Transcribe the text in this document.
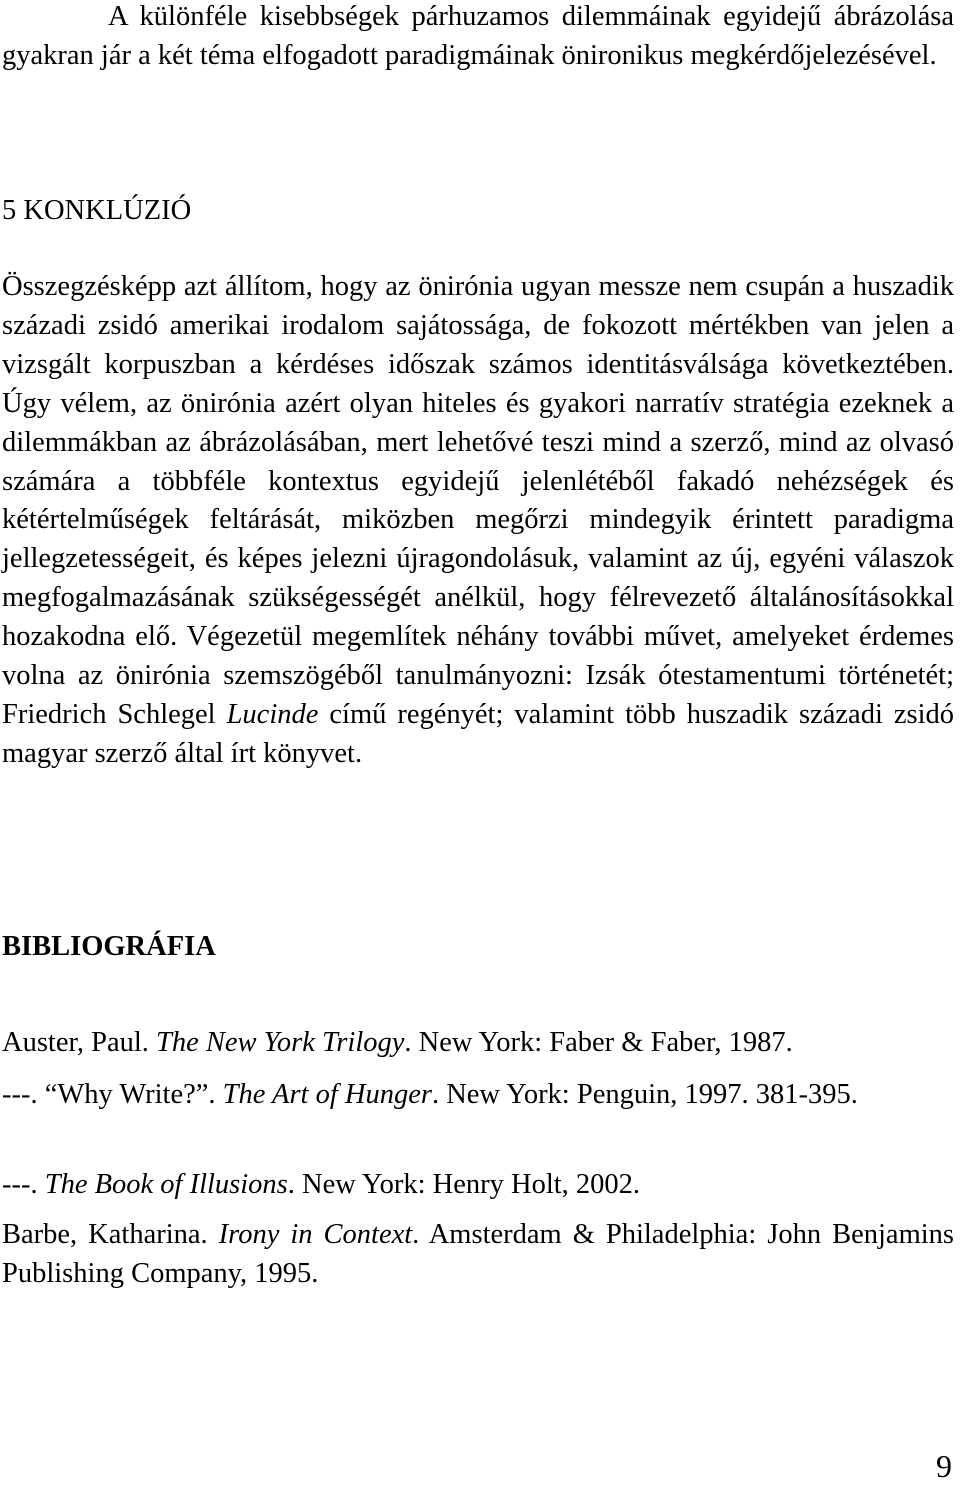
A különféle kisebbségek párhuzamos dilemmáinak egyidejű ábrázolása gyakran jár a két téma elfogadott paradigmáinak önironikus megkérdőjelezésével.

5 KONKLÚZIÓ

Összegzésképp azt állítom, hogy az önirónia ugyan messze nem csupán a huszadik századi zsidó amerikai irodalom sajátossága, de fokozott mértékben van jelen a vizsgált korpuszban a kérdéses időszak számos identitásválsága következtében. Úgy vélem, az önirónia azért olyan hiteles és gyakori narratív stratégia ezeknek a dilemmákban az ábrázolásában, mert lehetővé teszi mind a szerző, mind az olvasó számára a többféle kontextus egyidejű jelenlétéből fakadó nehézségek és kétértelműségek feltárását, miközben megőrzi mindegyik érintett paradigma jellegzetességeit, és képes jelezni újragondolásuk, valamint az új, egyéni válaszok megfogalmazásának szükségességét anélkül, hogy félrevezető általánosításokkal hozakodna elő. Végezetül megemlítek néhány további művet, amelyeket érdemes volna az önirónia szemszögéből tanulmányozni: Izsák ótestamentumi történetét; Friedrich Schlegel Lucinde című regényét; valamint több huszadik századi zsidó magyar szerző által írt könyvet.

BIBLIOGRÁFIA

Auster, Paul. The New York Trilogy. New York: Faber & Faber, 1987.

---. “Why Write?”. The Art of Hunger. New York: Penguin, 1997. 381-395.

---. The Book of Illusions. New York: Henry Holt, 2002.

Barbe, Katharina. Irony in Context. Amsterdam & Philadelphia: John Benjamins Publishing Company, 1995.

9
